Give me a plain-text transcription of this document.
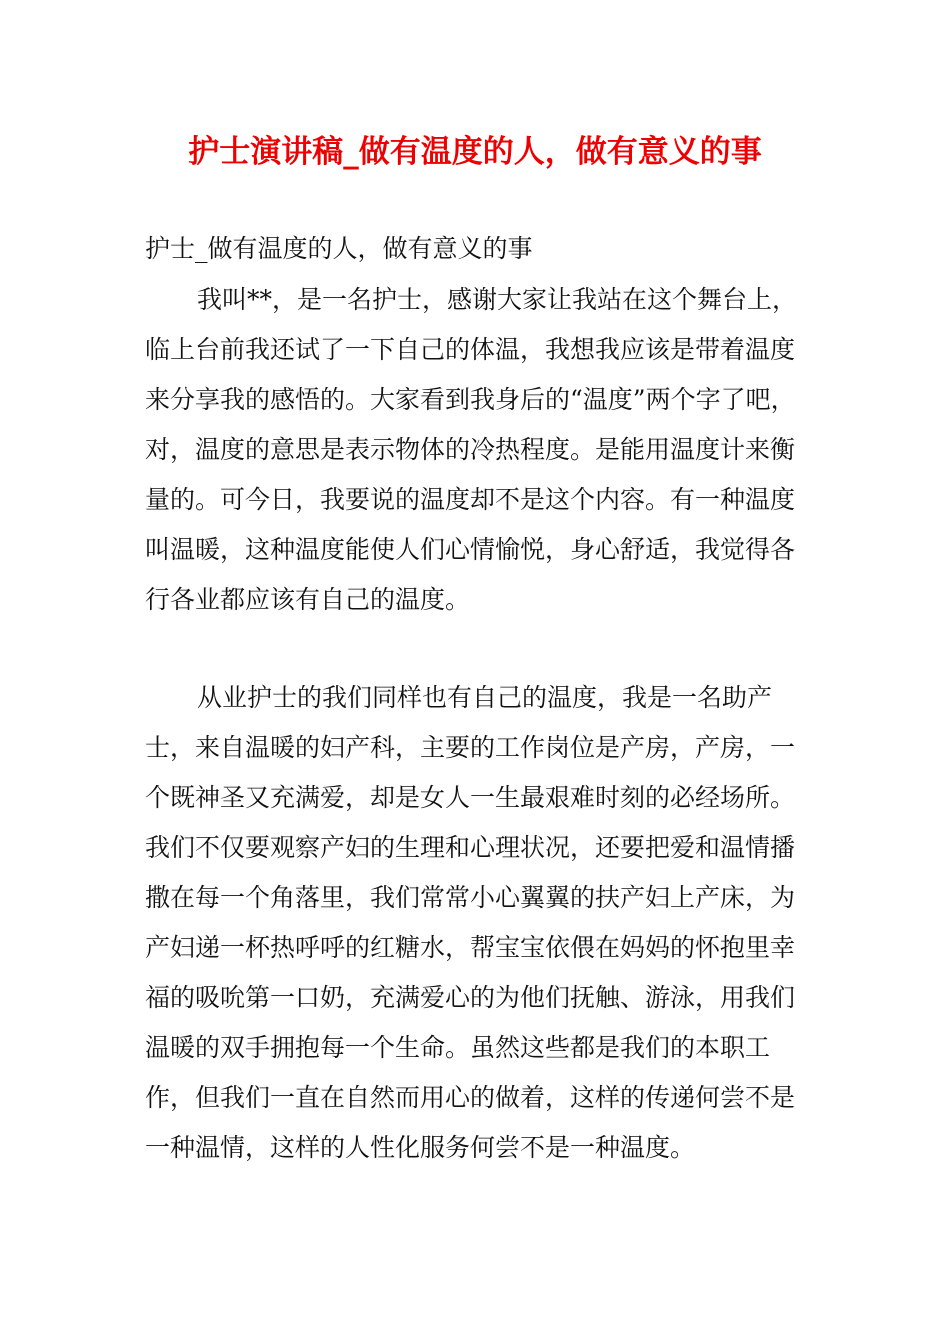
护士演讲稿_做有温度的人，做有意义的事

护士_做有温度的人，做有意义的事

我叫**，是一名护士，感谢大家让我站在这个舞台上，临上台前我还试了一下自己的体温，我想我应该是带着温度来分享我的感悟的。大家看到我身后的“温度”两个字了吧，对，温度的意思是表示物体的冷热程度。是能用温度计来衡量的。可今日，我要说的温度却不是这个内容。有一种温度叫温暖，这种温度能使人们心情愉悦，身心舒适，我觉得各行各业都应该有自己的温度。

从业护士的我们同样也有自己的温度，我是一名助产士，来自温暖的妇产科，主要的工作岗位是产房，产房，一个既神圣又充满爱，却是女人一生最艰难时刻的必经场所。我们不仅要观察产妇的生理和心理状况，还要把爱和温情播撒在每一个角落里，我们常常小心翼翼的扶产妇上产床，为产妇递一杯热呼呼的红糖水，帮宝宝依偎在妈妈的怀抱里幸福的吸吮第一口奶，充满爱心的为他们抚触、游泳，用我们温暖的双手拥抱每一个生命。虽然这些都是我们的本职工作，但我们一直在自然而用心的做着，这样的传递何尝不是一种温情，这样的人性化服务何尝不是一种温度。
